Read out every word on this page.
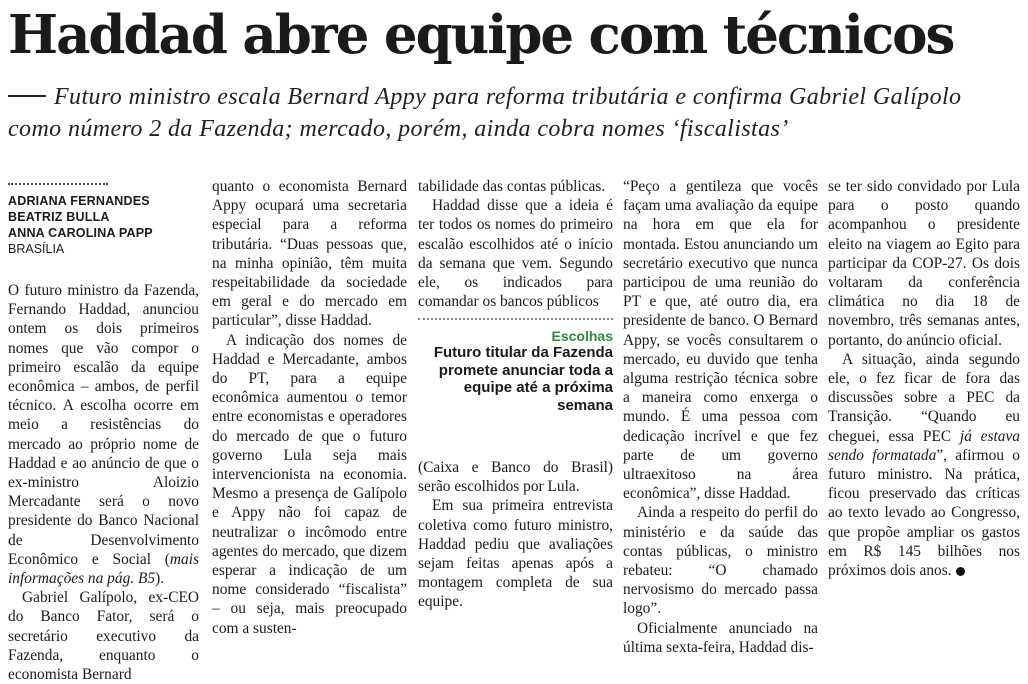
Haddad abre equipe com técnicos
Futuro ministro escala Bernard Appy para reforma tributária e confirma Gabriel Galípolo como número 2 da Fazenda; mercado, porém, ainda cobra nomes ‘fiscalistas’
ADRIANA FERNANDES
BEATRIZ BULLA
ANNA CAROLINA PAPP
BRASÍLIA

O futuro ministro da Fazenda, Fernando Haddad, anunciou ontem os dois primeiros nomes que vão compor o primeiro escalão da equipe econômica – ambos, de perfil técnico. A escolha ocorre em meio a resistências do mercado ao próprio nome de Haddad e ao anúncio de que o ex-ministro Aloizio Mercadante será o novo presidente do Banco Nacional de Desenvolvimento Econômico e Social (mais informações na pág. B5).

Gabriel Galípolo, ex-CEO do Banco Fator, será o secretário executivo da Fazenda, enquanto o economista Bernard

quanto o economista Bernard Appy ocupará uma secretaria especial para a reforma tributária. “Duas pessoas que, na minha opinião, têm muita respeitabilidade da sociedade em geral e do mercado em particular”, disse Haddad.

A indicação dos nomes de Haddad e Mercadante, ambos do PT, para a equipe econômica aumentou o temor entre economistas e operadores do mercado de que o futuro governo Lula seja mais intervencionista na economia. Mesmo a presença de Galípolo e Appy não foi capaz de neutralizar o incômodo entre agentes do mercado, que dizem esperar a indicação de um nome considerado “fiscalista” – ou seja, mais preocupado com a susten-

tabilidade das contas públicas.

Haddad disse que a ideia é ter todos os nomes do primeiro escalão escolhidos até o início da semana que vem. Segundo ele, os indicados para comandar os bancos públicos

Escolhas
Futuro titular da Fazenda promete anunciar toda a equipe até a próxima semana

(Caixa e Banco do Brasil) serão escolhidos por Lula.

Em sua primeira entrevista coletiva como futuro ministro, Haddad pediu que avaliações sejam feitas apenas após a montagem completa de sua equipe.

“Peço a gentileza que vocês façam uma avaliação da equipe na hora em que ela for montada. Estou anunciando um secretário executivo que nunca participou de uma reunião do PT e que, até outro dia, era presidente de banco. O Bernard Appy, se vocês consultarem o mercado, eu duvido que tenha alguma restrição técnica sobre a maneira como enxerga o mundo. É uma pessoa com dedicação incrível e que fez parte de um governo ultraexitoso na área econômica”, disse Haddad.

Ainda a respeito do perfil do ministério e da saúde das contas públicas, o ministro rebateu: “O chamado nervosismo do mercado passa logo”.

Oficialmente anunciado na última sexta-feira, Haddad dis-

se ter sido convidado por Lula para o posto quando acompanhou o presidente eleito na viagem ao Egito para participar da COP-27. Os dois voltaram da conferência climática no dia 18 de novembro, três semanas antes, portanto, do anúncio oficial.

A situação, ainda segundo ele, o fez ficar de fora das discussões sobre a PEC da Transição. “Quando eu cheguei, essa PEC já estava sendo formatada”, afirmou o futuro ministro. Na prática, ficou preservado das críticas ao texto levado ao Congresso, que propõe ampliar os gastos em R$ 145 bilhões nos próximos dois anos.
